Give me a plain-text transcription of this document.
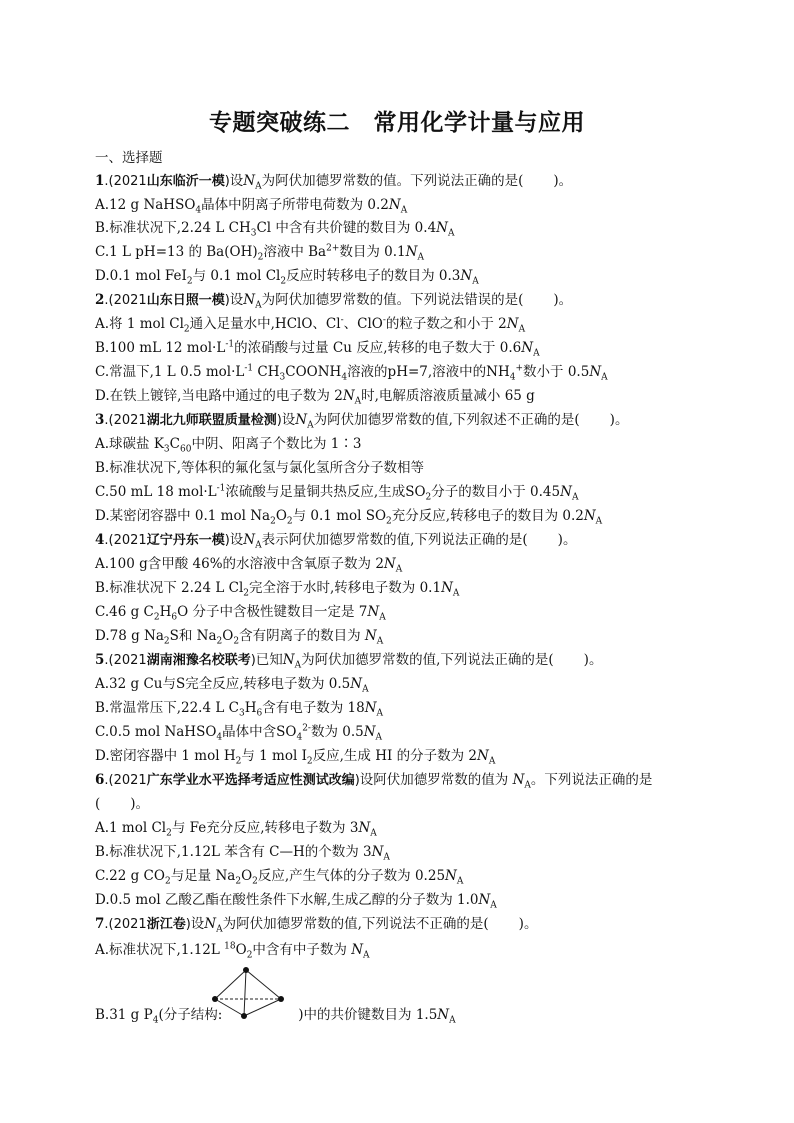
专题突破练二　常用化学计量与应用
一、选择题
1.(2021山东临沂一模)设$N_A$为阿伏加德罗常数的值。下列说法正确的是( )。
A.12 g NaHSO$_4$晶体中阴离子所带电荷数为 $0.2N_A$
B.标准状况下,2.24 L $CH_3Cl$ 中含有共价键的数目为 $0.4N_A$
C.1 L pH=13 的 $Ba(OH)_2$溶液中 $Ba^{2+}$数目为 $0.1N_A$
D.0.1 mol FeI$_2$与 0.1 mol $Cl_2$反应时转移电子的数目为 $0.3N_A$
2.(2021山东日照一模)设$N_A$为阿伏加德罗常数的值。下列说法错误的是( )。
A.将 1 mol $Cl_2$通入足量水中,HClO、Cl-、ClO-的粒子数之和小于 $2N_A$
B.100 mL 12 $mol\cdot L^{-1}$的浓硝酸与过量 Cu 反应,转移的电子数大于 $0.6N_A$
C.常温下,1 L 0.5 $mol\cdot L^{-1}$ $CH_3COONH_4$溶液的pH=7,溶液中的$NH_4^+$数小于 $0.5N_A$
D.在铁上镀锌,当电路中通过的电子数为 $2N_A$时,电解质溶液质量减小 65 g
3.(2021湖北九师联盟质量检测)设$N_A$为阿伏加德罗常数的值,下列叙述不正确的是( )。
A.球碳盐 $K_3C_{60}$中阴、阳离子个数比为 1∶3
B.标准状况下,等体积的氟化氢与氯化氢所含分子数相等
C.50 mL 18 $mol\cdot L^{-1}$浓硫酸与足量铜共热反应,生成$SO_2$分子的数目小于 $0.45N_A$
D.某密闭容器中 0.1 mol $Na_2O_2$与 0.1 mol $SO_2$充分反应,转移电子的数目为 $0.2N_A$
4.(2021辽宁丹东一模)设$N_A$表示阿伏加德罗常数的值,下列说法正确的是( )。
A.100 g含甲酸 46%的水溶液中含氧原子数为 $2N_A$
B.标准状况下 2.24 L $Cl_2$完全溶于水时,转移电子数为 $0.1N_A$
C.46 g $C_2H_6O$ 分子中含极性键数目一定是 $7N_A$
D.78 g $Na_2S$和 $Na_2O_2$含有阴离子的数目为 $N_A$
5.(2021湖南湘豫名校联考)已知$N_A$为阿伏加德罗常数的值,下列说法正确的是( )。
A.32 g Cu与S完全反应,转移电子数为 $0.5N_A$
B.常温常压下,22.4 L $C_3H_6$含有电子数为 $18N_A$
C.0.5 mol NaHSO$_4$晶体中含$SO_4^{2-}$数为 $0.5N_A$
D.密闭容器中 1 mol $H_2$与 1 mol $I_2$反应,生成 HI 的分子数为 $2N_A$
6.(2021广东学业水平选择考适应性测试改编)设阿伏加德罗常数的值为 $N_A$。下列说法正确的是
( )。
A.1 mol $Cl_2$与 Fe充分反应,转移电子数为 $3N_A$
B.标准状况下,1.12L 苯含有 C—H的个数为 $3N_A$
C.22 g $CO_2$与足量 $Na_2O_2$反应,产生气体的分子数为 $0.25N_A$
D.0.5 mol 乙酸乙酯在酸性条件下水解,生成乙醇的分子数为 $1.0N_A$
7.(2021浙江卷)设$N_A$为阿伏加德罗常数的值,下列说法不正确的是( )。
A.标准状况下,1.12L $^{18}O_2$中含有中子数为 $N_A$
B.31 g $P_4$(分子结构:	)中的共价键数目为 $1.5N_A$
